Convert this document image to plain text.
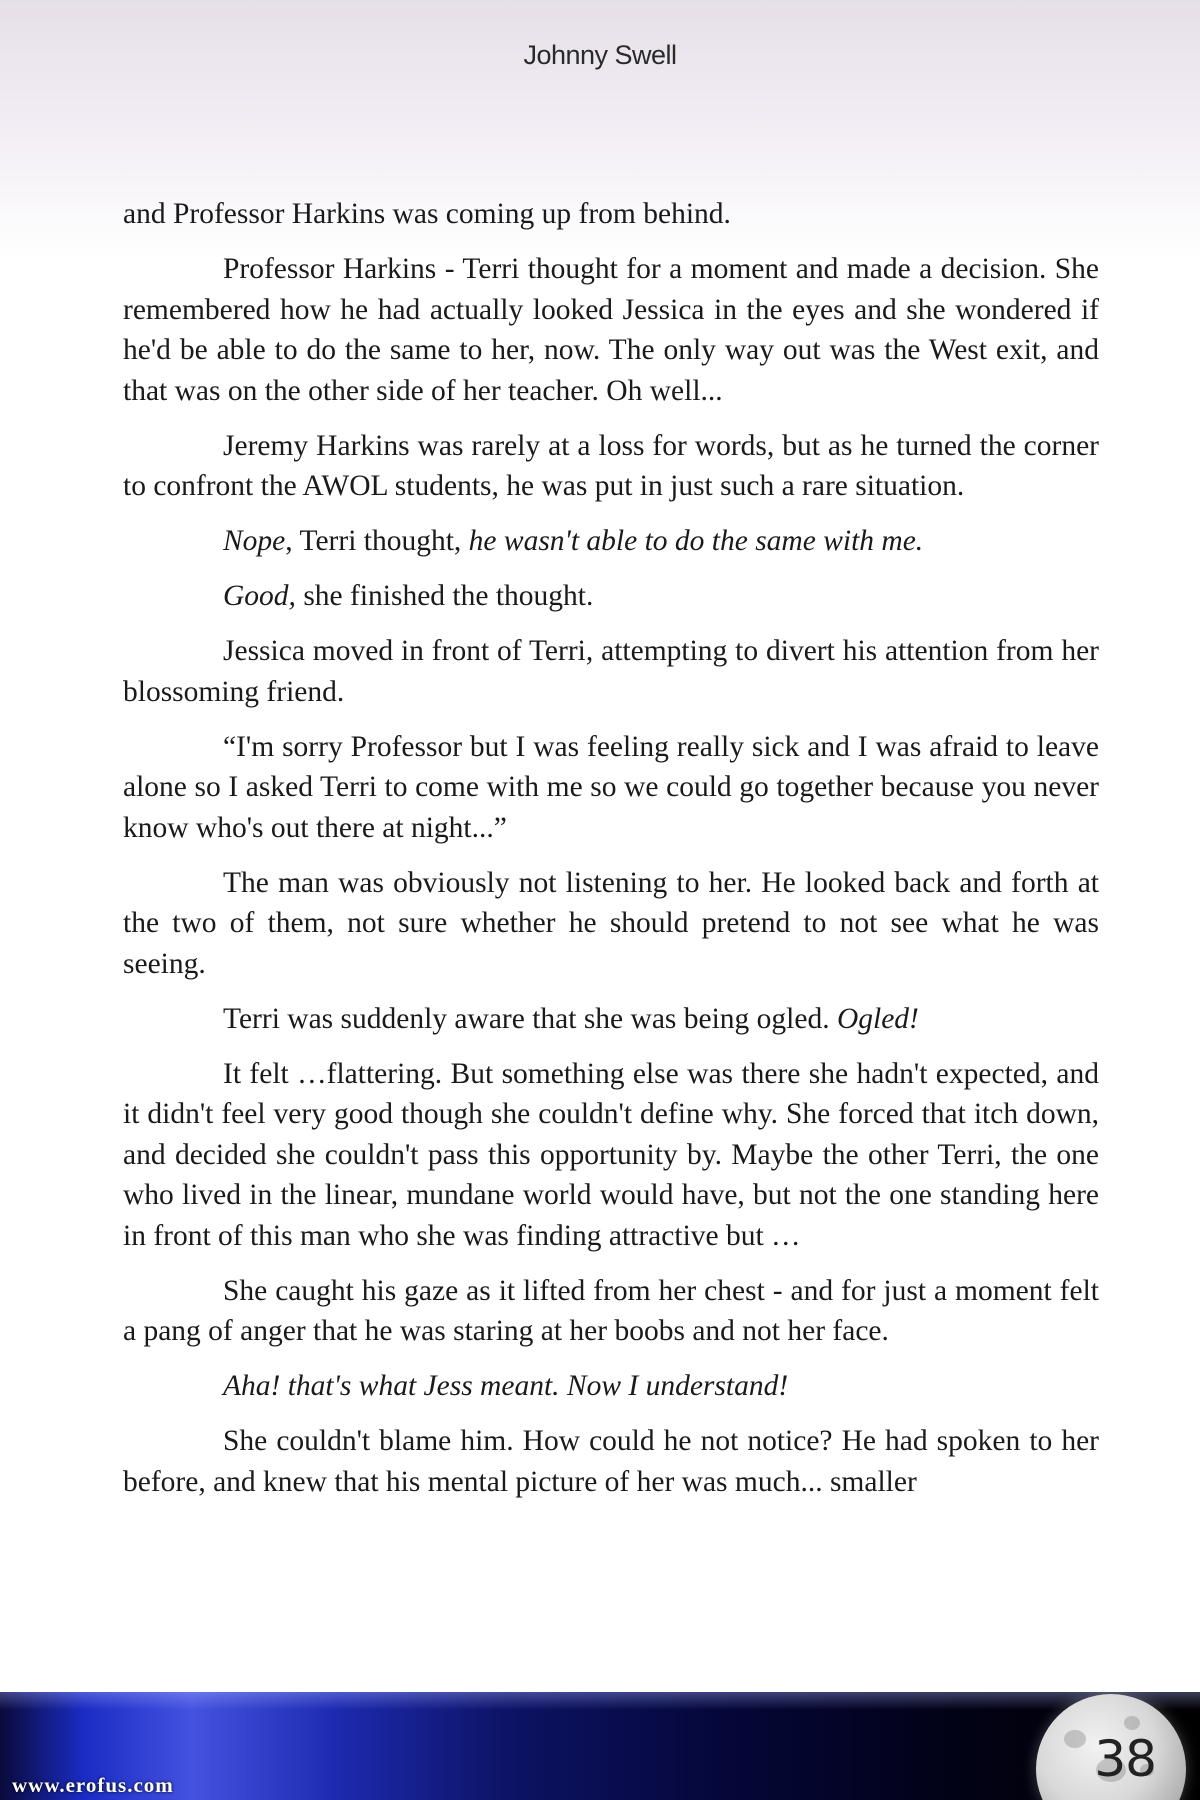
Johnny Swell

and Professor Harkins was coming up from behind.

Professor Harkins - Terri thought for a moment and made a decision. She remembered how he had actually looked Jessica in the eyes and she wondered if he'd be able to do the same to her, now. The only way out was the West exit, and that was on the other side of her teacher. Oh well...

Jeremy Harkins was rarely at a loss for words, but as he turned the corner to confront the AWOL students, he was put in just such a rare situation.

Nope, Terri thought, he wasn't able to do the same with me.

Good, she finished the thought.

Jessica moved in front of Terri, attempting to divert his attention from her blossoming friend.

“I'm sorry Professor but I was feeling really sick and I was afraid to leave alone so I asked Terri to come with me so we could go together because you never know who's out there at night...”

The man was obviously not listening to her. He looked back and forth at the two of them, not sure whether he should pretend to not see what he was seeing.

Terri was suddenly aware that she was being ogled. Ogled!

It felt …flattering. But something else was there she hadn't expected, and it didn't feel very good though she couldn't define why. She forced that itch down, and decided she couldn't pass this opportunity by. Maybe the other Terri, the one who lived in the linear, mundane world would have, but not the one standing here in front of this man who she was finding attractive but …

She caught his gaze as it lifted from her chest - and for just a moment felt a pang of anger that he was staring at her boobs and not her face.

Aha! that's what Jess meant. Now I understand!

She couldn't blame him. How could he not notice? He had spoken to her before, and knew that his mental picture of her was much... smaller

38
www.erofus.com
